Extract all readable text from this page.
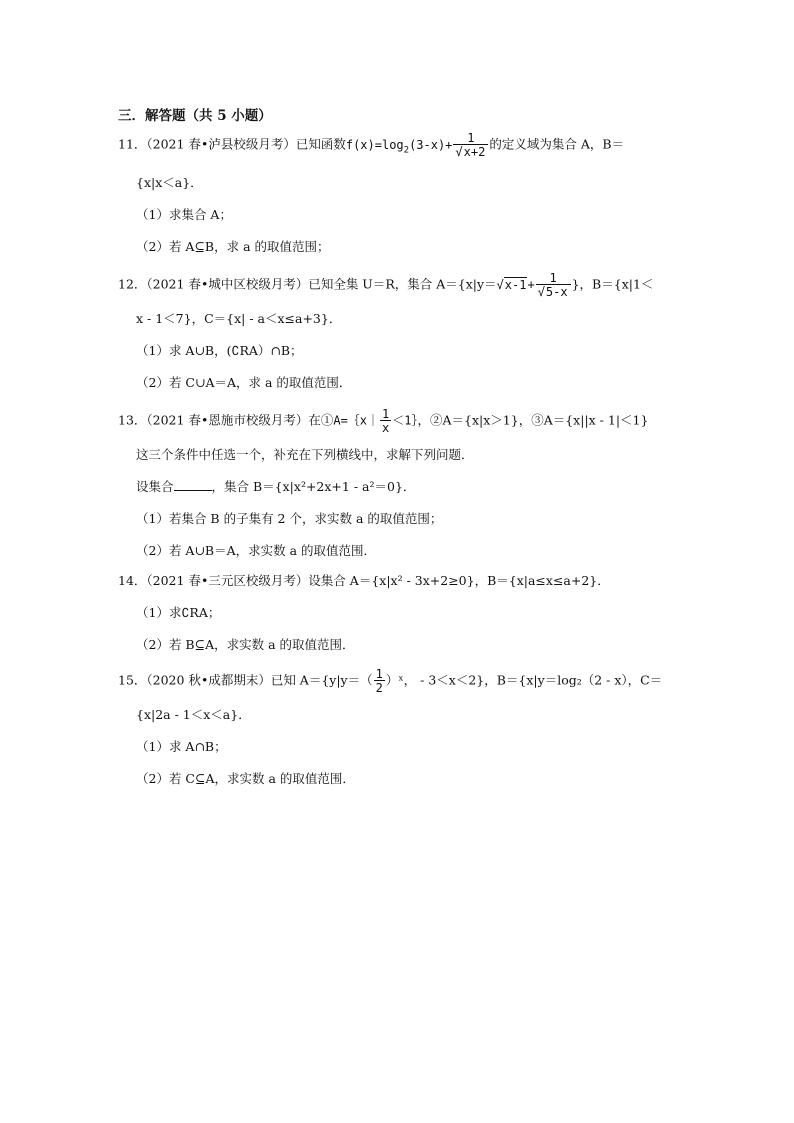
三．解答题（共 5 小题）
11．（2021 春•泸县校级月考）已知函数$f(x)=\log_2(3-x)+ \frac{1}{√x+2}$ 的定义域为集合 A，B＝
{x|x＜a}．
（1）求集合 A；
（2）若 A⊆B，求 a 的取值范围；
12．（2021 春•城中区校级月考）已知全集 U＝R，集合 $A=\{x|y=√x-1+ \frac{1}{√5-x}$ }，B＝{x|1＜
x - 1＜7}，C＝{x| - a＜x≤a+3}．
（1）求 A∪B，(∁RA）∩B；
（2）若 C∪A＝A，求 a 的取值范围．
13．（2021 春•恩施市校级月考）在①A=｛x｜ $\frac{1}{x}$ ＜1｝，②A＝{x|x＞1}，③A＝{x||x - 1|＜1}
这三个条件中任选一个，补充在下列横线中，求解下列问题．
设集合	，集合 B＝{x|x²+2x+1 - a²＝0}．
（1）若集合 B 的子集有 2 个，求实数 a 的取值范围；
（2）若 A∪B＝A，求实数 a 的取值范围．
14．（2021 春•三元区校级月考）设集合 A＝{x|x² - 3x+2≥0}，B＝{x|a≤x≤a+2}．
（1）求∁RA；
（2）若 B⊆A，求实数 a 的取值范围．
15．（2020 秋•成都期末）已知 $A=\{y|y=( \frac{1}{2}$ ）ˣ， - 3＜x＜2}，B＝{x|y＝log₂（2 - x），C＝
{x|2a - 1＜x＜a}．
（1）求 A∩B；
（2）若 C⊆A，求实数 a 的取值范围．
